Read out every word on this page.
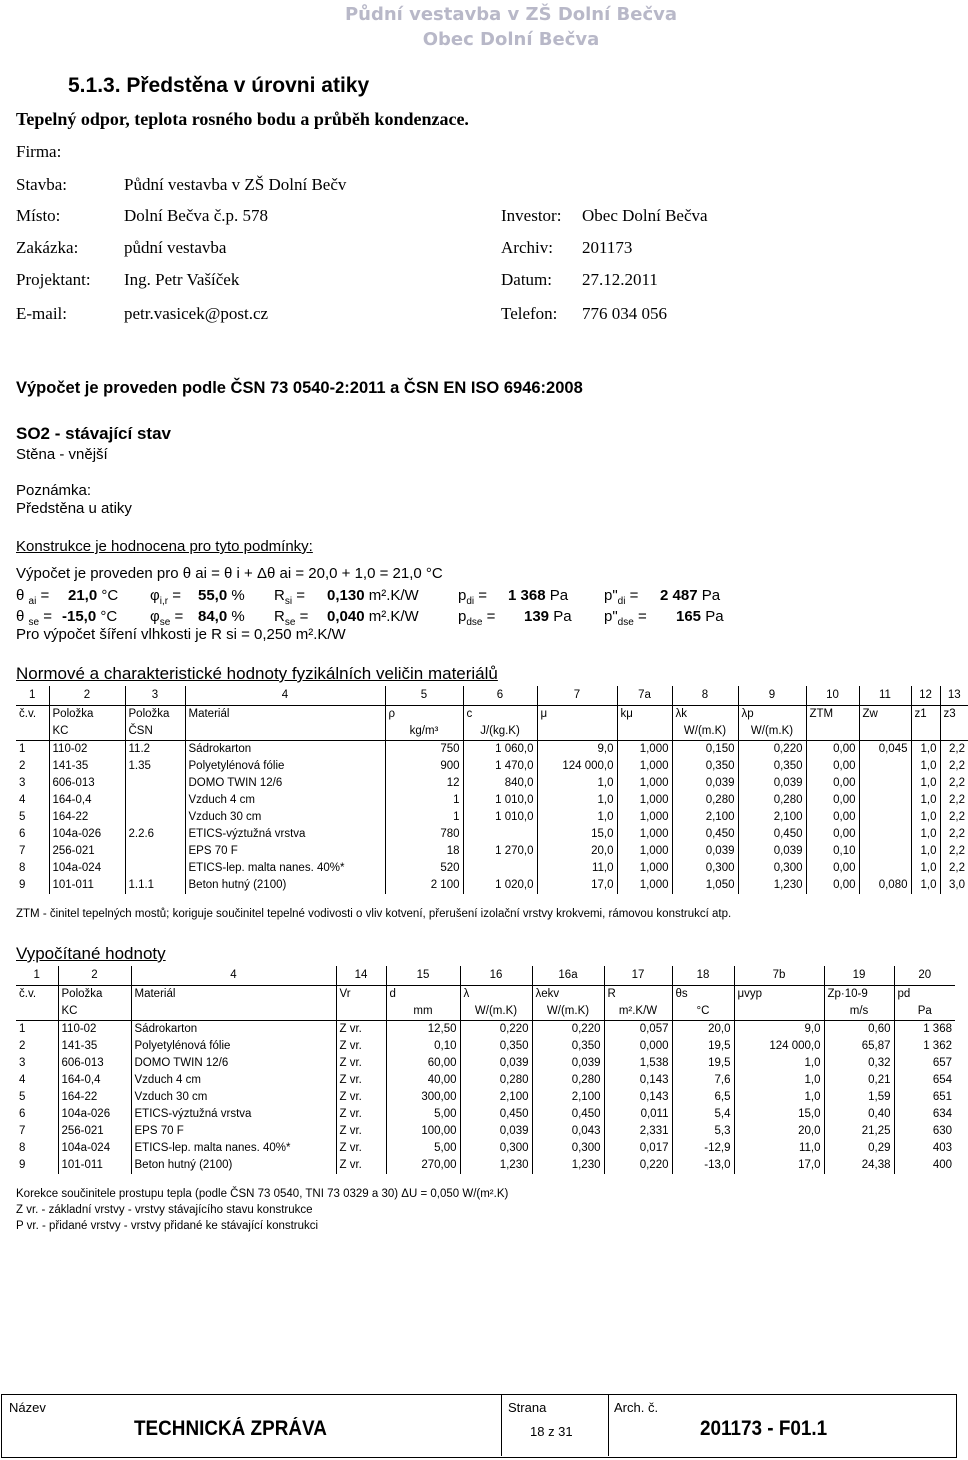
Půdní vestavba v ZŠ Dolní Bečva
Obec Dolní Bečva
5.1.3. Předstěna v úrovni atiky
Tepelný odpor, teplota rosného bodu a průběh kondenzace.
Firma:
Stavba:	Půdní vestavba v ZŠ Dolní Bečv
Místo:	Dolní Bečva č.p. 578	Investor: Obec Dolní Bečva
Zakázka:	půdní vestavba	Archiv: 201173
Projektant: Ing. Petr Vašíček	Datum: 27.12.2011
E-mail:	petr.vasicek@post.cz	Telefon: 776 034 056
Výpočet je proveden podle ČSN 73 0540-2:2011 a ČSN EN ISO 6946:2008
SO2 - stávající stav
Stěna - vnější
Poznámka:
Předstěna u atiky
Konstrukce je hodnocena pro tyto podmínky:
Výpočet je proveden pro θ ai = θ i + Δθ ai = 20,0 + 1,0 = 21,0 °C
θ $_{ai}$ = 21,0 °C $\varphi_{i,r} = 55,0$ % $R_{si} = 0,130$ m².K/W	$p_{di} = 1$ 368 Pa $p"_{di} = 2$ 487 Pa
θ $_{se}$ = -15,0 °C $\varphi_{se} = 84,0$ % $R_{se} = 0,040$ m².K/W	$p_{dse} = 139$ Pa $p"_{dse} = 165$ Pa
Pro výpočet šíření vlhkosti je R si = 0,250 m².K/W
Normové a charakteristické hodnoty fyzikálních veličin materiálů
1	2	3	4	5	6	7	7a	8	9	10	11	12	13
č.v.	Položka	Položka	Materiál	ρ	c	μ	kμ	λk	λp	ZTM	Zw	z1	z3
	KC	ČSN		kg/m³	J/(kg.K)			W/(m.K)	W/(m.K)				
1	110-02	11.2	Sádrokarton	750	1 060,0	9,0	1,000	0,150	0,220	0,00	0,045	1,0	2,2
2	141-35	1.35	Polyetylénová fólie	900	1 470,0	124 000,0	1,000	0,350	0,350	0,00		1,0	2,2
3	606-013		DOMO TWIN 12/6	12	840,0	1,0	1,000	0,039	0,039	0,00		1,0	2,2
4	164-0,4		Vzduch 4 cm	1	1 010,0	1,0	1,000	0,280	0,280	0,00		1,0	2,2
5	164-22		Vzduch 30 cm	1	1 010,0	1,0	1,000	2,100	2,100	0,00		1,0	2,2
6	104a-026	2.2.6	ETICS-výztužná vrstva	780		15,0	1,000	0,450	0,450	0,00		1,0	2,2
7	256-021		EPS 70 F	18	1 270,0	20,0	1,000	0,039	0,039	0,10		1,0	2,2
8	104a-024		ETICS-lep. malta nanes. 40%*	520		11,0	1,000	0,300	0,300	0,00		1,0	2,2
9	101-011	1.1.1	Beton hutný (2100)	2 100	1 020,0	17,0	1,000	1,050	1,230	0,00	0,080	1,0	3,0
ZTM - činitel tepelných mostů; koriguje součinitel tepelné vodivosti o vliv kotvení, přerušení izolační vrstvy krokvemi, rámovou konstrukcí atp.
Vypočítané hodnoty
1	2	4	14	15	16	16a	17	18	7b	19	20
č.v.	Položka	Materiál	Vr	d	λ	λekv	R	θs	μvyp	Zp·10-9	pd
	KC			mm	W/(m.K)	W/(m.K)	m².K/W	°C		m/s	Pa
1	110-02	Sádrokarton	Z vr.	12,50	0,220	0,220	0,057	20,0	9,0	0,60	1 368
2	141-35	Polyetylénová fólie	Z vr.	0,10	0,350	0,350	0,000	19,5	124 000,0	65,87	1 362
3	606-013	DOMO TWIN 12/6	Z vr.	60,00	0,039	0,039	1,538	19,5	1,0	0,32	657
4	164-0,4	Vzduch 4 cm	Z vr.	40,00	0,280	0,280	0,143	7,6	1,0	0,21	654
5	164-22	Vzduch 30 cm	Z vr.	300,00	2,100	2,100	0,143	6,5	1,0	1,59	651
6	104a-026	ETICS-výztužná vrstva	Z vr.	5,00	0,450	0,450	0,011	5,4	15,0	0,40	634
7	256-021	EPS 70 F	Z vr.	100,00	0,039	0,043	2,331	5,3	20,0	21,25	630
8	104a-024	ETICS-lep. malta nanes. 40%*	Z vr.	5,00	0,300	0,300	0,017	-12,9	11,0	0,29	403
9	101-011	Beton hutný (2100)	Z vr.	270,00	1,230	1,230	0,220	-13,0	17,0	24,38	400
Korekce součinitele prostupu tepla (podle ČSN 73 0540, TNI 73 0329 a 30) ΔU = 0,050 W/(m².K)
Z vr. - základní vrstvy - vrstvy stávajícího stavu konstrukce
P vr. - přidané vrstvy - vrstvy přidané ke stávající konstrukci
Název
TECHNICKÁ ZPRÁVA
Strana
18 z 31
Arch. č.
201173 - F01.1
